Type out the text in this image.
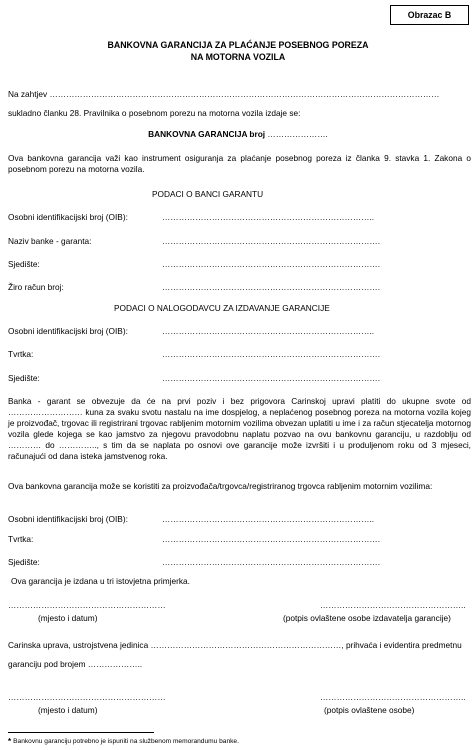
Obrazac B
BANKOVNA GARANCIJA ZA PLAĆANJE POSEBNOG POREZA
NA MOTORNA VOZILA
Na zahtjev ……………………………………………………………………………………………………………………………
sukladno članku 28. Pravilnika o posebnom porezu na motorna vozila izdaje se:
BANKOVNA GARANCIJA broj ………………….
Ova bankovna garancija važi kao instrument osiguranja za plaćanje posebnog poreza iz članka 9. stavka 1. Zakona o posebnom porezu na motorna vozila.
PODACI O BANCI GARANTU
Osobni identifikacijski broj (OIB):	…………………………………………………………………..
Naziv banke - garanta:	…………………………………………………………………….
Sjedište:	…………………………………………………………………….
Žiro račun broj:	…………………………………………………………………….
PODACI O NALOGODAVCU ZA IZDAVANJE GARANCIJE
Osobni identifikacijski broj (OIB):	…………………………………………………………………..
Tvrtka:	…………………………………………………………………….
Sjedište:	…………………………………………………………………….
Banka - garant se obvezuje da će na prvi poziv i bez prigovora Carinskoj upravi platiti do ukupne svote od ……………………… kuna za svaku svotu nastalu na ime dospjelog, a neplaćenog posebnog poreza na motorna vozila kojeg je proizvođač, trgovac ili registrirani trgovac rabljenim motornim vozilima obvezan uplatiti u ime i za račun stjecatelja motornog vozila glede kojega se kao jamstvo za njegovu pravodobnu naplatu pozvao na ovu bankovnu garanciju, u razdoblju od ………… do ………….., s tim da se naplata po osnovi ove garancije može izvršiti i u produljenom roku od 3 mjeseci, računajući od dana isteka jamstvenog roka.
Ova bankovna garancija može se koristiti za proizvođača/trgovca/registriranog trgovca rabljenim motornim vozilima:
Osobni identifikacijski broj (OIB):	…………………………………………………………………..
Tvrtka:	…………………………………………………………………….
Sjedište:	…………………………………………………………………….
Ova garancija je izdana u tri istovjetna primjerka.
…………………………………………………	……………………………………………..
(mjesto i datum)	(potpis ovlaštene osobe izdavatelja garancije)
Carinska uprava, ustrojstvena jedinica ……………………………………………………………, prihvaća i evidentira predmetnu
garanciju pod brojem ………………..
…………………………………………………	……………………………………………..
(mjesto i datum)	(potpis ovlaštene osobe)
* Bankovnu garanciju potrebno je ispuniti na službenom memorandumu banke.
